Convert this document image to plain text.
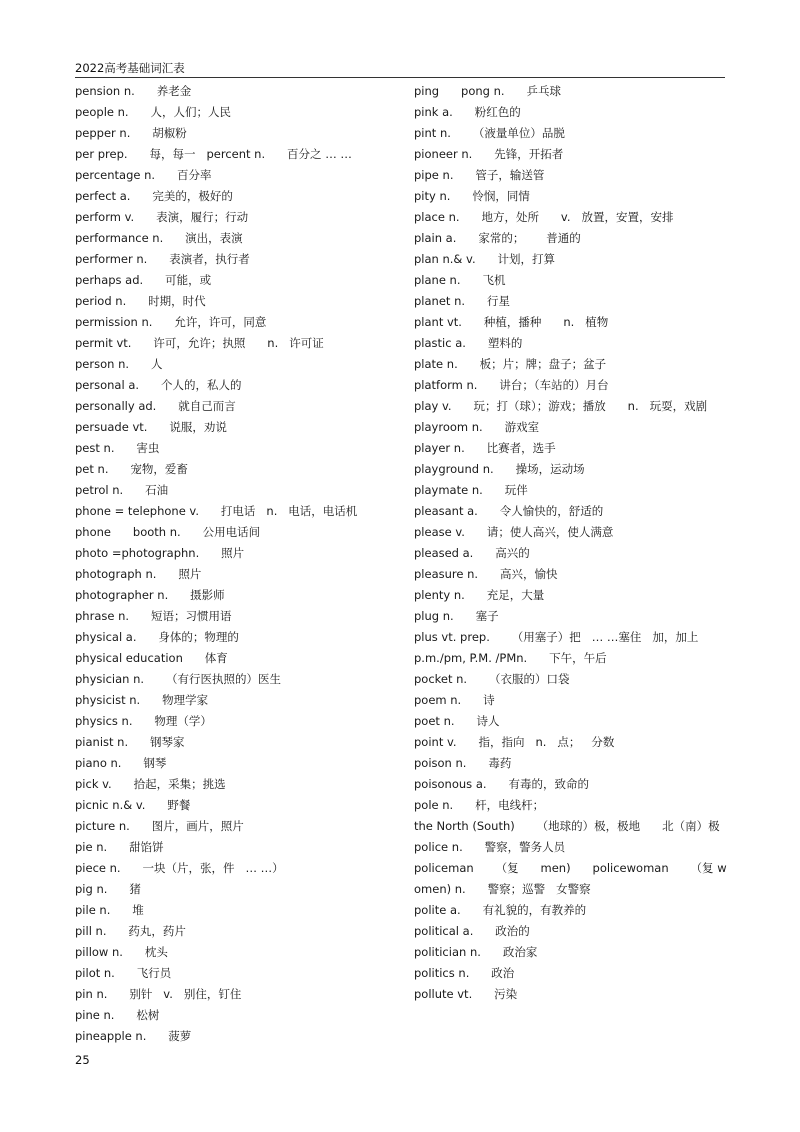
2022高考基础词汇表
pension n.      养老金
people n.      人，人们；人民
pepper n.      胡椒粉
per prep.      每，每一   percent n.      百分之 … …
percentage n.      百分率
perfect a.      完美的，极好的
perform v.      表演，履行；行动
performance n.      演出，表演
performer n.      表演者，执行者
perhaps ad.      可能，或
period n.      时期，时代
permission n.      允许，许可，同意
permit vt.      许可，允许；执照      n.   许可证
person n.      人
personal a.      个人的，私人的
personally ad.      就自己而言
persuade vt.      说服，劝说
pest n.      害虫
pet n.      宠物，爱畜
petrol n.      石油
phone = telephone v.      打电话   n.   电话，电话机
phone      booth n.      公用电话间
photo =photographn.      照片
photograph n.      照片
photographer n.      摄影师
phrase n.      短语；习惯用语
physical a.      身体的；物理的
physical education      体育
physician n.      （有行医执照的）医生
physicist n.      物理学家
physics n.      物理（学）
pianist n.      钢琴家
piano n.      钢琴
pick v.      拾起，采集；挑选
picnic n.& v.      野餐
picture n.      图片，画片，照片
pie n.      甜馅饼
piece n.      一块（片，张，件   … …）
pig n.      猪
pile n.      堆
pill n.      药丸，药片
pillow n.      枕头
pilot n.      飞行员
pin n.      别针   v.   别住，钉住
pine n.      松树
pineapple n.      菠萝
ping      pong n.      乒乓球
pink a.      粉红色的
pint n.      （液量单位）品脱
pioneer n.      先锋，开拓者
pipe n.      管子，输送管
pity n.      怜悯，同情
place n.      地方，处所      v.   放置，安置，安排
plain a.      家常的；      普通的
plan n.& v.      计划，打算
plane n.      飞机
planet n.      行星
plant vt.      种植，播种      n.   植物
plastic a.      塑料的
plate n.      板；片；牌；盘子；盆子
platform n.      讲台；（车站的）月台
play v.      玩；打（球）；游戏；播放      n.   玩耍，戏剧
playroom n.      游戏室
player n.      比赛者，选手
playground n.      操场，运动场
playmate n.      玩伴
pleasant a.      令人愉快的，舒适的
please v.      请；使人高兴，使人满意
pleased a.      高兴的
pleasure n.      高兴，愉快
plenty n.      充足，大量
plug n.      塞子
plus vt. prep.      （用塞子）把   … …塞住   加，加上
p.m./pm, P.M. /PMn.      下午，午后
pocket n.      （衣服的）口袋
poem n.      诗
poet n.      诗人
point v.      指，指向   n.   点；   分数
poison n.      毒药
poisonous a.      有毒的，致命的
pole n.      杆，电线杆；
the North (South)      （地球的）极，极地      北（南）极
police n.      警察，警务人员
policeman      （复      men)      policewoman      （复 women) n.      警察；巡警   女警察
polite a.      有礼貌的，有教养的
political a.      政治的
politician n.      政治家
politics n.      政治
pollute vt.      污染
25
